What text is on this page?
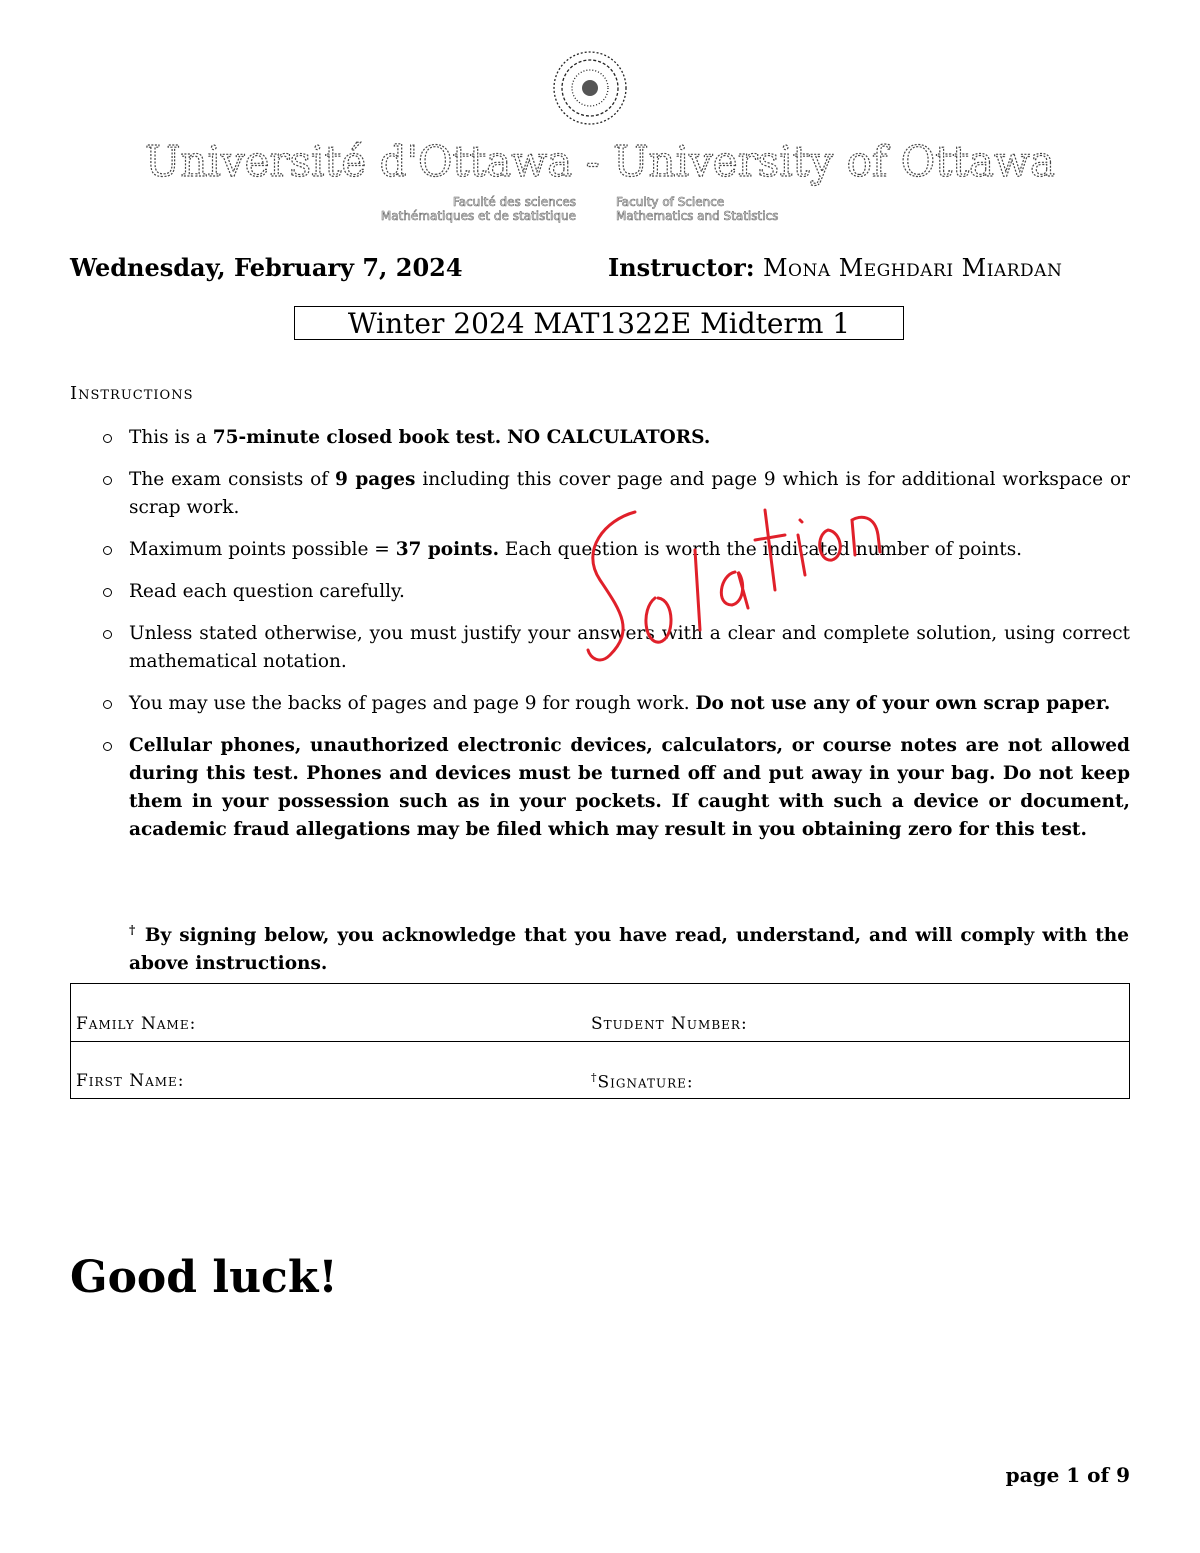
Université d'Ottawa - University of Ottawa
Faculté des sciences
Mathématiques et de statistique
Faculty of Science
Mathematics and Statistics
Wednesday, February 7, 2024	Instructor: Mona Meghdari Miardan
Winter 2024 MAT1322E Midterm 1
Instructions
This is a 75-minute closed book test. NO CALCULATORS.
The exam consists of 9 pages including this cover page and page 9 which is for additional workspace or scrap work.
Maximum points possible = 37 points. Each question is worth the indicated number of points.
Read each question carefully.
Unless stated otherwise, you must justify your answers with a clear and complete solution, using correct mathematical notation.
You may use the backs of pages and page 9 for rough work. Do not use any of your own scrap paper.
Cellular phones, unauthorized electronic devices, calculators, or course notes are not allowed during this test. Phones and devices must be turned off and put away in your bag. Do not keep them in your possession such as in your pockets. If caught with such a device or document, academic fraud allegations may be filed which may result in you obtaining zero for this test.
† By signing below, you acknowledge that you have read, understand, and will comply with the above instructions.
Family Name:	Student Number:
First Name:	†Signature:
Good luck!
page 1 of 9
